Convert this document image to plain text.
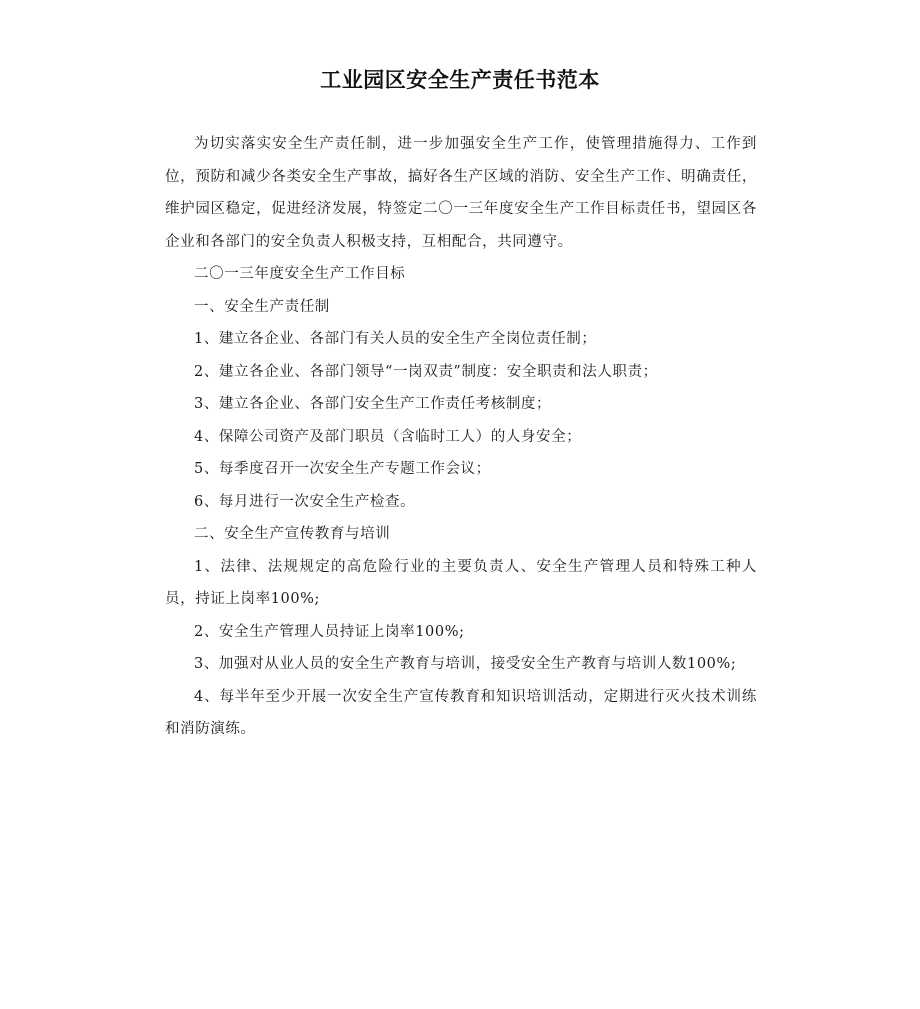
工业园区安全生产责任书范本

为切实落实安全生产责任制，进一步加强安全生产工作，使管理措施得力、工作到位，预防和减少各类安全生产事故，搞好各生产区域的消防、安全生产工作、明确责任，维护园区稳定，促进经济发展，特签定二〇一三年度安全生产工作目标责任书，望园区各企业和各部门的安全负责人积极支持，互相配合，共同遵守。

二〇一三年度安全生产工作目标

一、安全生产责任制

1、建立各企业、各部门有关人员的安全生产全岗位责任制；

2、建立各企业、各部门领导“一岗双责”制度：安全职责和法人职责；

3、建立各企业、各部门安全生产工作责任考核制度；

4、保障公司资产及部门职员（含临时工人）的人身安全；

5、每季度召开一次安全生产专题工作会议；

6、每月进行一次安全生产检查。

二、安全生产宣传教育与培训

1、法律、法规规定的高危险行业的主要负责人、安全生产管理人员和特殊工种人员，持证上岗率100%;

2、安全生产管理人员持证上岗率100%;

3、加强对从业人员的安全生产教育与培训，接受安全生产教育与培训人数100%;

4、每半年至少开展一次安全生产宣传教育和知识培训活动，定期进行灭火技术训练和消防演练。
